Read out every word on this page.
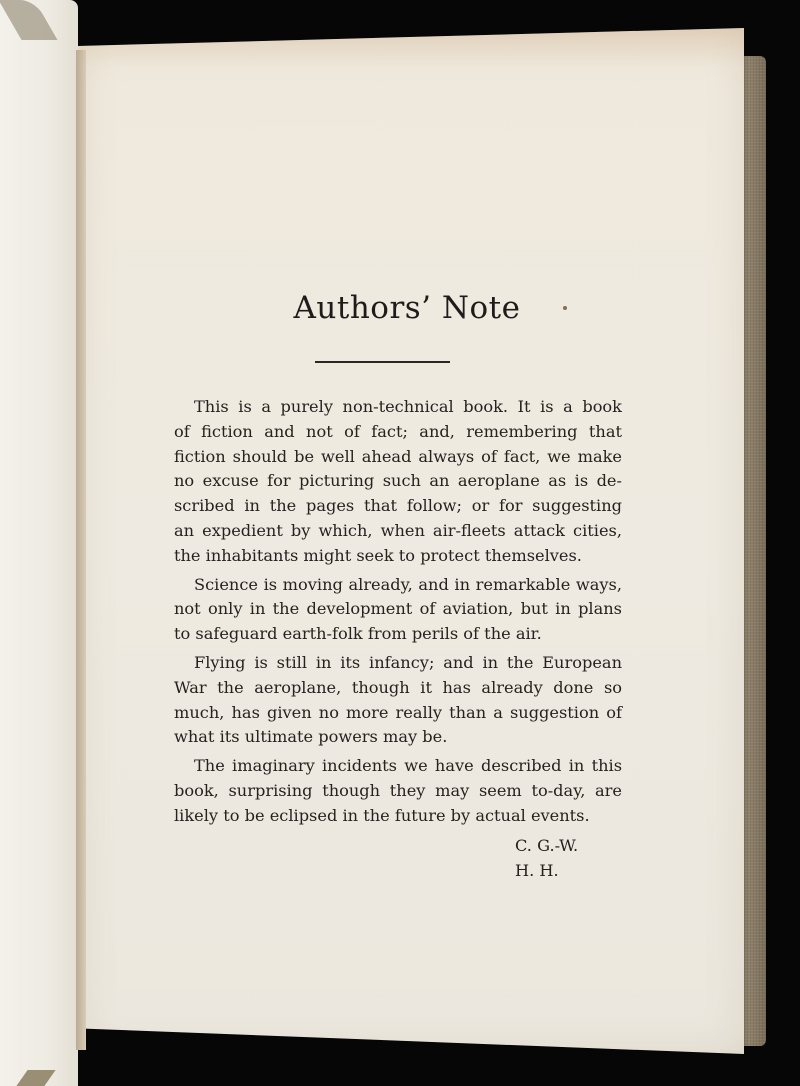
Authors’ Note

This is a purely non-technical book. It is a book
of fiction and not of fact; and, remembering that
fiction should be well ahead always of fact, we make
no excuse for picturing such an aeroplane as is de-
scribed in the pages that follow; or for suggesting
an expedient by which, when air-fleets attack cities,
the inhabitants might seek to protect themselves.

Science is moving already, and in remarkable ways,
not only in the development of aviation, but in plans
to safeguard earth-folk from perils of the air.

Flying is still in its infancy; and in the European
War the aeroplane, though it has already done so
much, has given no more really than a suggestion of
what its ultimate powers may be.

The imaginary incidents we have described in this
book, surprising though they may seem to-day, are
likely to be eclipsed in the future by actual events.

C. G.-W.
H. H.
